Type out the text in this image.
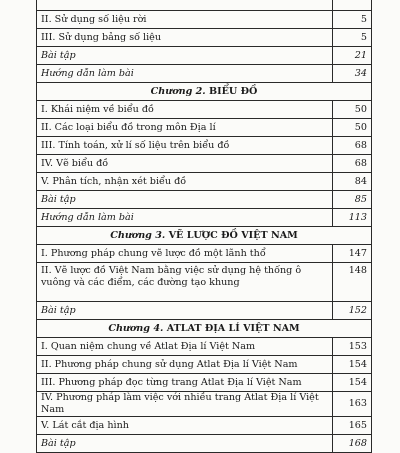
II. Sử dụng số liệu rời	5
III. Sử dụng bảng số liệu	5
Bài tập	21
Hướng dẫn làm bài	34
Chương 2. BIỂU ĐỒ	
I. Khái niệm về biểu đồ	50
II. Các loại biểu đồ trong môn Địa lí	50
III. Tính toán, xử lí số liệu trên biểu đồ	68
IV. Vẽ biểu đồ	68
V. Phân tích, nhận xét biểu đồ	84
Bài tập	85
Hướng dẫn làm bài	113
Chương 3. VẼ LƯỢC ĐỒ VIỆT NAM	
I. Phương pháp chung vẽ lược đồ một lãnh thổ	147
II. Vẽ lược đồ Việt Nam bằng việc sử dụng hệ thống ô vuông và các điểm, các đường tạo khung	148
Bài tập	152
Chương 4. ATLAT ĐỊA LÍ VIỆT NAM	
I. Quan niệm chung về Atlat Địa lí Việt Nam	153
II. Phương pháp chung sử dụng Atlat Địa lí Việt Nam	154
III. Phương pháp đọc từng trang Atlat Địa lí Việt Nam	154
IV. Phương pháp làm việc với nhiều trang Atlat Địa lí Việt Nam	163
V. Lát cắt địa hình	165
Bài tập	168
